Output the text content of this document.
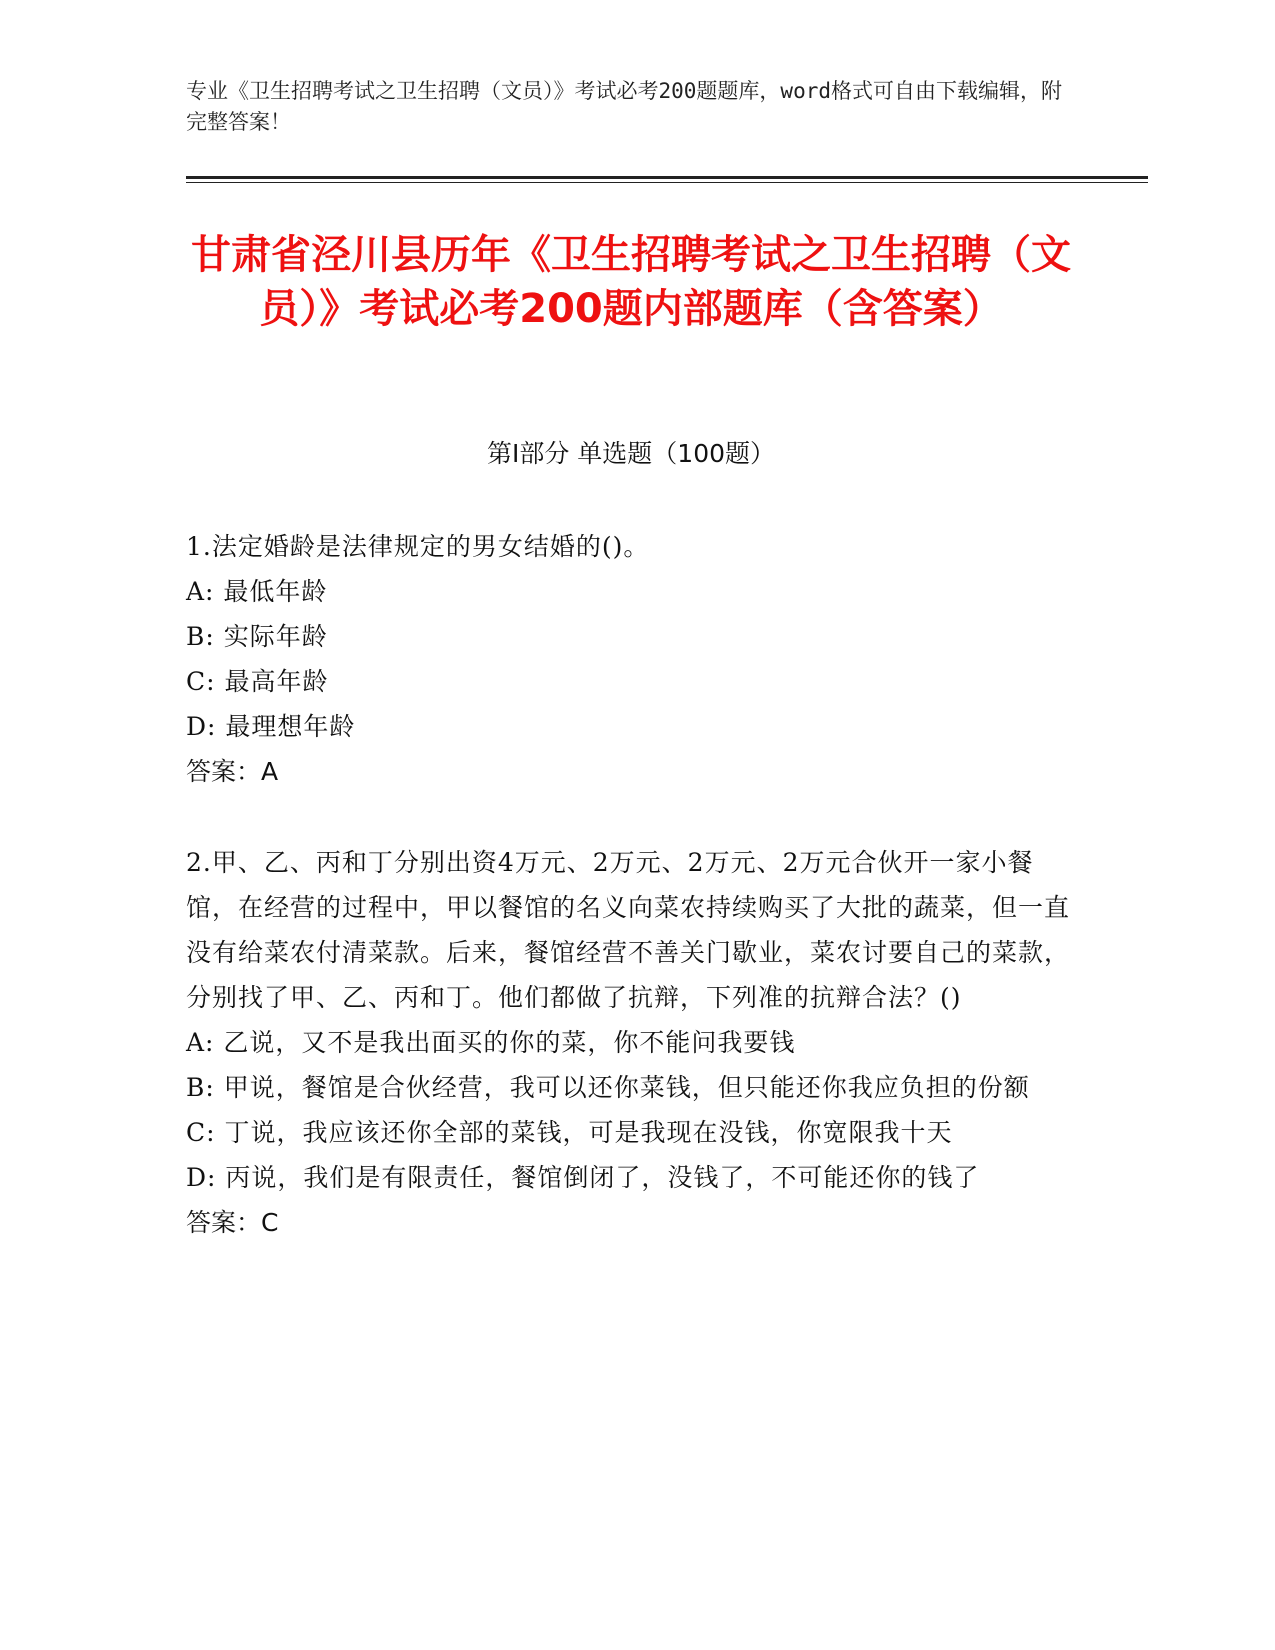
专业《卫生招聘考试之卫生招聘（文员）》考试必考200题题库，word格式可自由下载编辑，附完整答案！
甘肃省泾川县历年《卫生招聘考试之卫生招聘（文员）》考试必考200题内部题库（含答案）
第I部分 单选题（100题）
1.法定婚龄是法律规定的男女结婚的()。
A: 最低年龄
B: 实际年龄
C: 最高年龄
D: 最理想年龄
答案：A
2.甲、乙、丙和丁分别出资4万元、2万元、2万元、2万元合伙开一家小餐馆，在经营的过程中，甲以餐馆的名义向菜农持续购买了大批的蔬菜，但一直没有给菜农付清菜款。后来，餐馆经营不善关门歇业，菜农讨要自己的菜款，分别找了甲、乙、丙和丁。他们都做了抗辩，下列准的抗辩合法？()
A: 乙说，又不是我出面买的你的菜，你不能问我要钱
B: 甲说，餐馆是合伙经营，我可以还你菜钱，但只能还你我应负担的份额
C: 丁说，我应该还你全部的菜钱，可是我现在没钱，你宽限我十天
D: 丙说，我们是有限责任，餐馆倒闭了，没钱了，不可能还你的钱了
答案：C
